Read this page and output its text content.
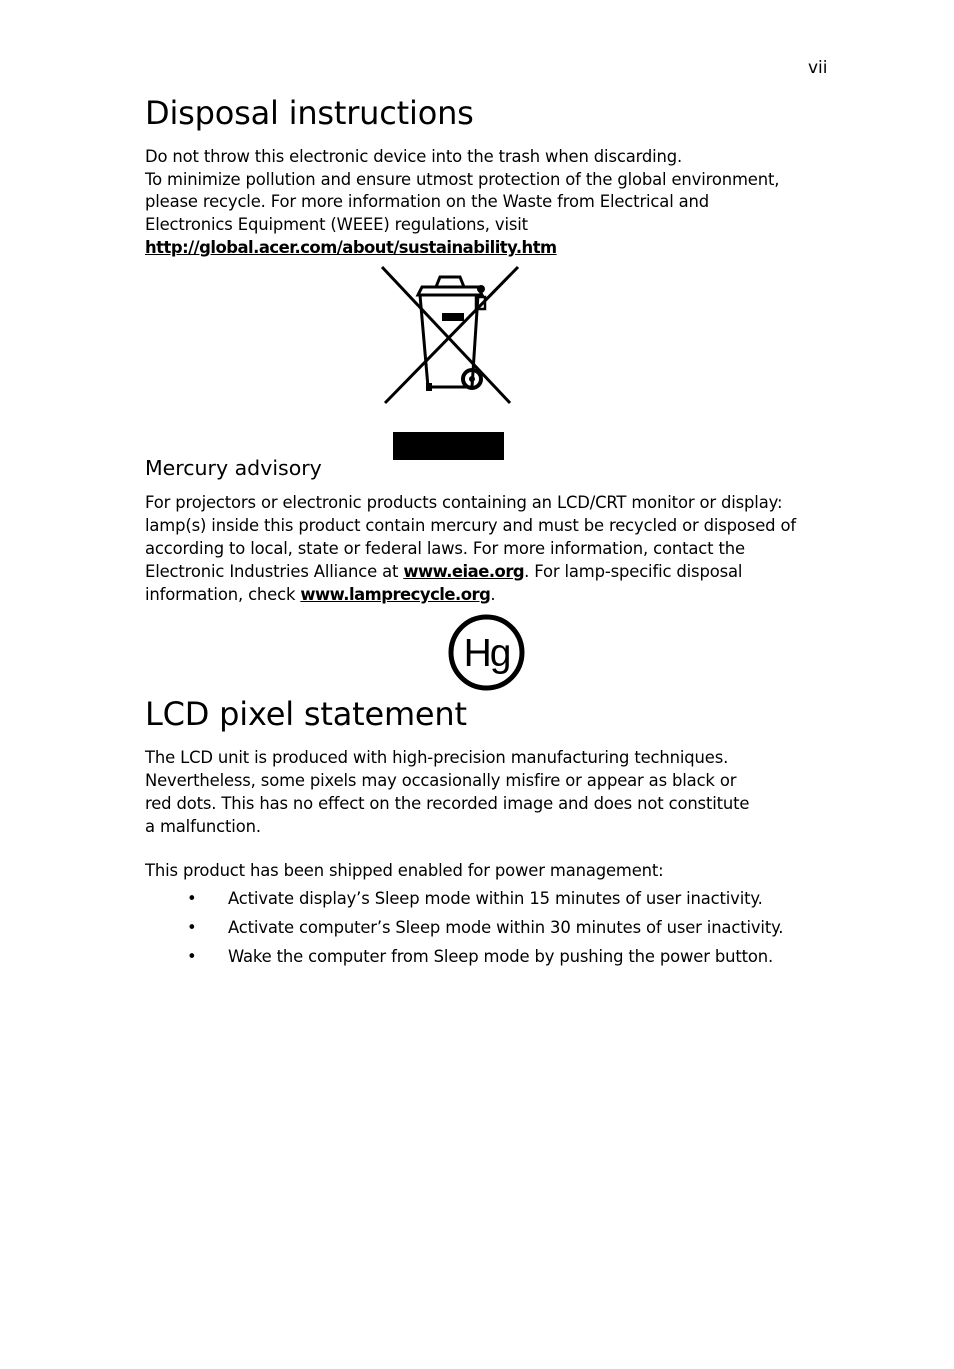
vii
Disposal instructions
Do not throw this electronic device into the trash when discarding.
To minimize pollution and ensure utmost protection of the global environment,
please recycle. For more information on the Waste from Electrical and
Electronics Equipment (WEEE) regulations, visit
http://global.acer.com/about/sustainability.htm
Mercury advisory
For projectors or electronic products containing an LCD/CRT monitor or display:
lamp(s) inside this product contain mercury and must be recycled or disposed of
according to local, state or federal laws. For more information, contact the
Electronic Industries Alliance at www.eiae.org. For lamp-specific disposal
information, check www.lamprecycle.org.
Hg
LCD pixel statement
The LCD unit is produced with high-precision manufacturing techniques.
Nevertheless, some pixels may occasionally misfire or appear as black or
red dots. This has no effect on the recorded image and does not constitute
a malfunction.
This product has been shipped enabled for power management:
• Activate display’s Sleep mode within 15 minutes of user inactivity.
• Activate computer’s Sleep mode within 30 minutes of user inactivity.
• Wake the computer from Sleep mode by pushing the power button.
